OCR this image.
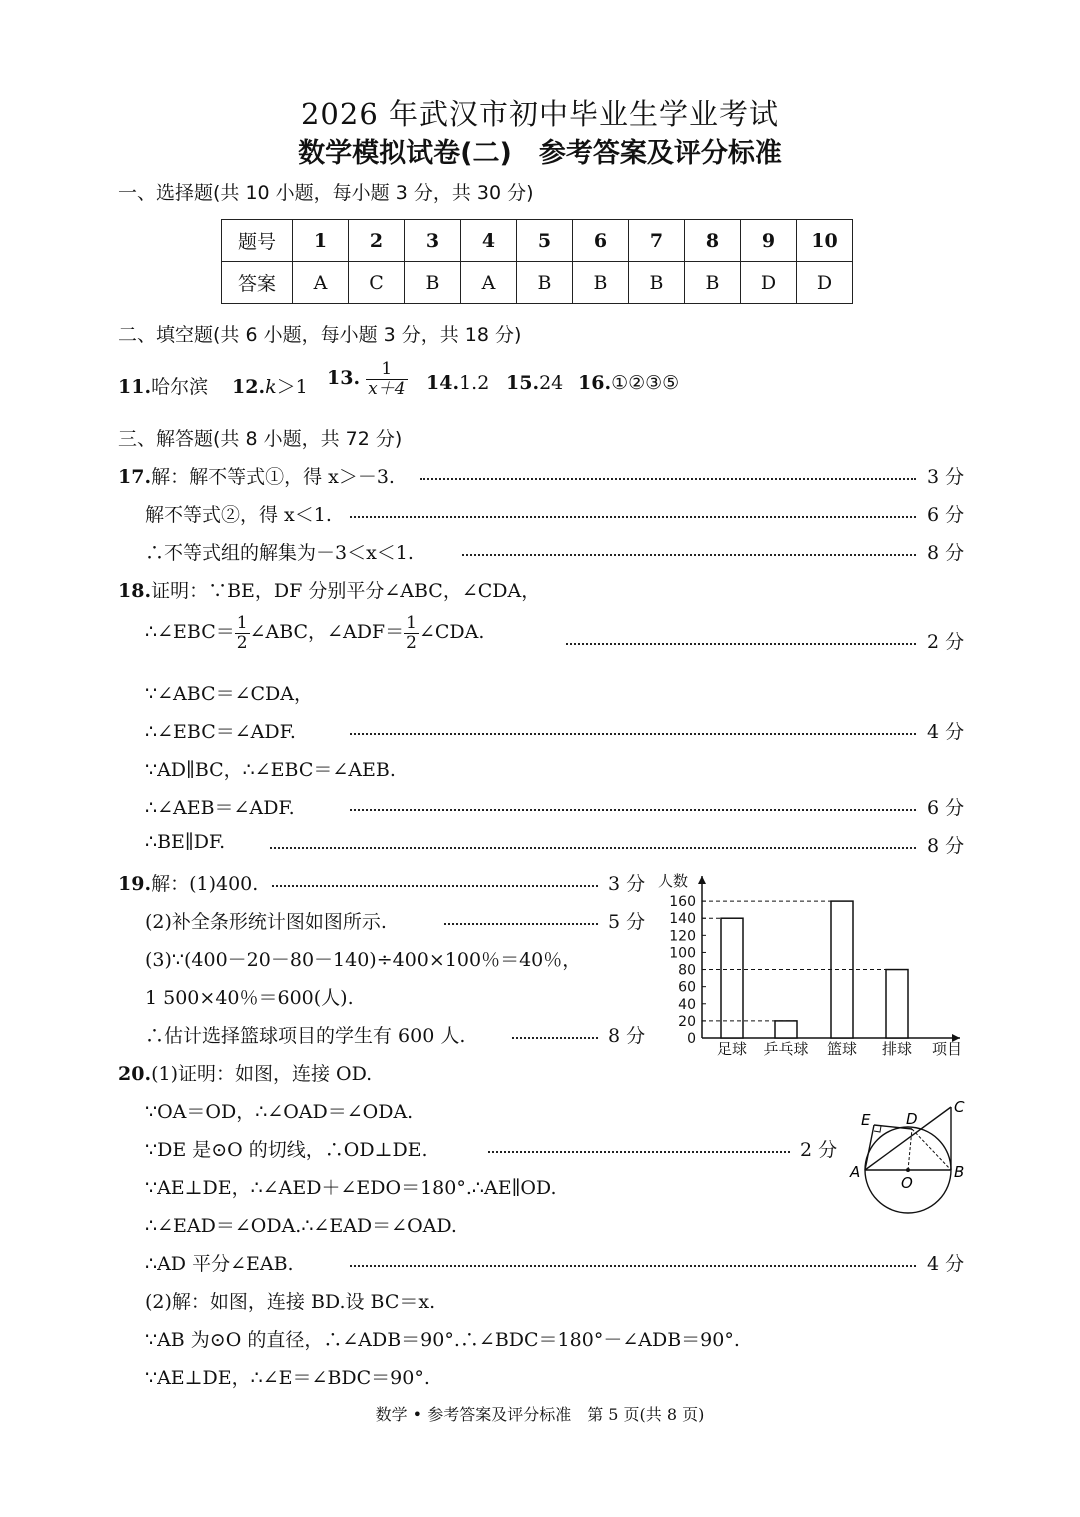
2026 年武汉市初中毕业生学业考试
数学模拟试卷(二)　参考答案及评分标准
一、选择题(共 10 小题，每小题 3 分，共 30 分)
题号	1	2	3	4	5	6	7	8	9	10
答案	A	C	B	A	B	B	B	B	D	D
二、填空题(共 6 小题，每小题 3 分，共 18 分)
11.哈尔滨 12.k＞1 13. $\frac{1}{x+4} 14.1.2$ 15.24 16.①②③⑤
三、解答题(共 8 小题，共 72 分)
17.解：解不等式①，得 x＞－3.	3 分
解不等式②，得 x＜1.	6 分
∴不等式组的解集为－3＜x＜1.	8 分
18.证明：∵BE，DF 分别平分∠ABC，∠CDA，
∴∠EBC＝ $\frac{1}{2}$ ∠ABC，∠ADF＝ $\frac{1}{2}$ ∠CDA.	2 分
∵∠ABC＝∠CDA，
∴∠EBC＝∠ADF.	4 分
∵AD∥BC，∴∠EBC＝∠AEB.
∴∠AEB＝∠ADF.	6 分
∴BE∥DF.	8 分
19.解：(1)400.	3 分
(2)补全条形统计图如图所示.	5 分
(3)∵(400－20－80－140)÷400×100％＝40％，
1 500×40％＝600(人).
∴估计选择篮球项目的学生有 600 人.	8 分	0
20
40
60
80
100
120
140
160
人数
项目
足球 乒乓球 篮球 排球
20.(1)证明：如图，连接 OD.
∵OA＝OD，∴∠OAD＝∠ODA.
∵DE 是⊙O 的切线，∴OD⊥DE.	2 分
∵AE⊥DE，∴∠AED＋∠EDO＝180°.∴AE∥OD.
∴∠EAD＝∠ODA.∴∠EAD＝∠OAD.
∴AD 平分∠EAB.	4 分
(2)解：如图，连接 BD.设 BC＝x.
∵AB 为⊙O 的直径，∴∠ADB＝90°.∴∠BDC＝180°－∠ADB＝90°.
∵AE⊥DE，∴∠E＝∠BDC＝90°.
E D
C
A
O
B
数学 • 参考答案及评分标准　第 5 页(共 8 页)
